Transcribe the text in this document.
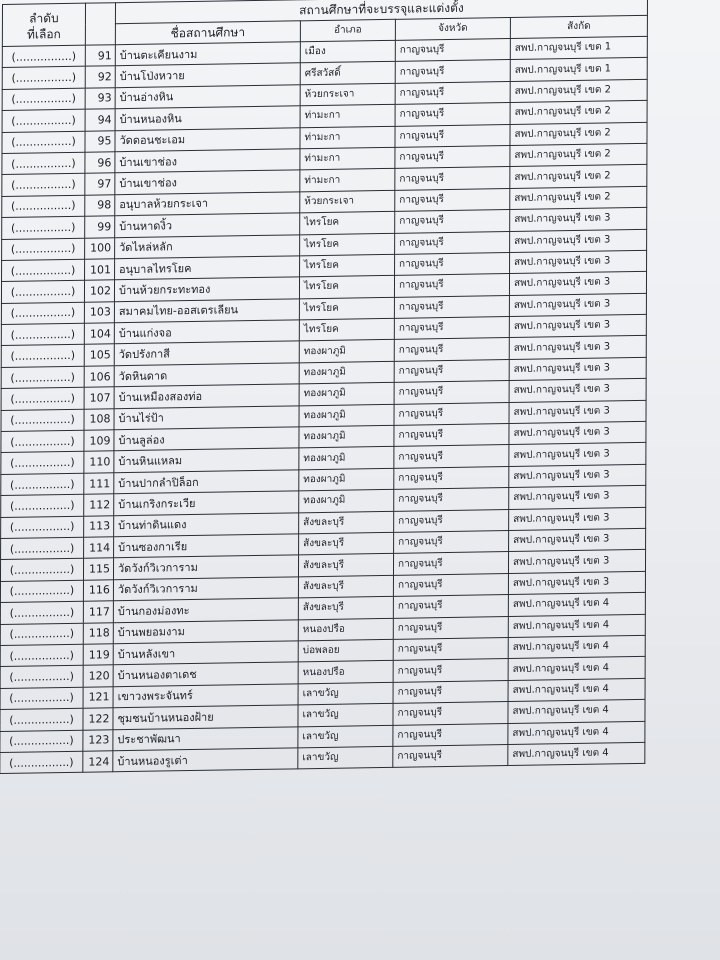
ลำดับ
ที่เลือก		สถานศึกษาที่จะบรรจุและแต่งตั้ง			
		ชื่อสถานศึกษา	อำเภอ	จังหวัด	สังกัด
(................)	91	บ้านตะเคียนงาม	เมือง	กาญจนบุรี	สพป.กาญจนบุรี เขต 1
(................)	92	บ้านโป่งหวาย	ศรีสวัสดิ์	กาญจนบุรี	สพป.กาญจนบุรี เขต 1
(................)	93	บ้านอ่างหิน	ห้วยกระเจา	กาญจนบุรี	สพป.กาญจนบุรี เขต 2
(................)	94	บ้านหนองหิน	ท่ามะกา	กาญจนบุรี	สพป.กาญจนบุรี เขต 2
(................)	95	วัดดอนชะเอม	ท่ามะกา	กาญจนบุรี	สพป.กาญจนบุรี เขต 2
(................)	96	บ้านเขาช่อง	ท่ามะกา	กาญจนบุรี	สพป.กาญจนบุรี เขต 2
(................)	97	บ้านเขาช่อง	ท่ามะกา	กาญจนบุรี	สพป.กาญจนบุรี เขต 2
(................)	98	อนุบาลห้วยกระเจา	ห้วยกระเจา	กาญจนบุรี	สพป.กาญจนบุรี เขต 2
(................)	99	บ้านหาดงิ้ว	ไทรโยค	กาญจนบุรี	สพป.กาญจนบุรี เขต 3
(................)	100	วัดไหล่หลัก	ไทรโยค	กาญจนบุรี	สพป.กาญจนบุรี เขต 3
(................)	101	อนุบาลไทรโยค	ไทรโยค	กาญจนบุรี	สพป.กาญจนบุรี เขต 3
(................)	102	บ้านห้วยกระทะทอง	ไทรโยค	กาญจนบุรี	สพป.กาญจนบุรี เขต 3
(................)	103	สมาคมไทย-ออสเตรเลียน	ไทรโยค	กาญจนบุรี	สพป.กาญจนบุรี เขต 3
(................)	104	บ้านแก่งจอ	ไทรโยค	กาญจนบุรี	สพป.กาญจนบุรี เขต 3
(................)	105	วัดปรังกาสี	ทองผาภูมิ	กาญจนบุรี	สพป.กาญจนบุรี เขต 3
(................)	106	วัดหินดาด	ทองผาภูมิ	กาญจนบุรี	สพป.กาญจนบุรี เขต 3
(................)	107	บ้านเหมืองสองท่อ	ทองผาภูมิ	กาญจนบุรี	สพป.กาญจนบุรี เขต 3
(................)	108	บ้านไร่ป้า	ทองผาภูมิ	กาญจนบุรี	สพป.กาญจนบุรี เขต 3
(................)	109	บ้านลูล่อง	ทองผาภูมิ	กาญจนบุรี	สพป.กาญจนบุรี เขต 3
(................)	110	บ้านหินแหลม	ทองผาภูมิ	กาญจนบุรี	สพป.กาญจนบุรี เขต 3
(................)	111	บ้านปากลำปิล็อก	ทองผาภูมิ	กาญจนบุรี	สพป.กาญจนบุรี เขต 3
(................)	112	บ้านเกริงกระเวีย	ทองผาภูมิ	กาญจนบุรี	สพป.กาญจนบุรี เขต 3
(................)	113	บ้านท่าดินแดง	สังขละบุรี	กาญจนบุรี	สพป.กาญจนบุรี เขต 3
(................)	114	บ้านซองกาเรีย	สังขละบุรี	กาญจนบุรี	สพป.กาญจนบุรี เขต 3
(................)	115	วัดวังก์วิเวการาม	สังขละบุรี	กาญจนบุรี	สพป.กาญจนบุรี เขต 3
(................)	116	วัดวังก์วิเวการาม	สังขละบุรี	กาญจนบุรี	สพป.กาญจนบุรี เขต 3
(................)	117	บ้านกองม่องทะ	สังขละบุรี	กาญจนบุรี	สพป.กาญจนบุรี เขต 4
(................)	118	บ้านพยอมงาม	หนองปรือ	กาญจนบุรี	สพป.กาญจนบุรี เขต 4
(................)	119	บ้านหลังเขา	บ่อพลอย	กาญจนบุรี	สพป.กาญจนบุรี เขต 4
(................)	120	บ้านหนองตาเดช	หนองปรือ	กาญจนบุรี	สพป.กาญจนบุรี เขต 4
(................)	121	เขาวงพระจันทร์	เลาขวัญ	กาญจนบุรี	สพป.กาญจนบุรี เขต 4
(................)	122	ชุมชนบ้านหนองฝ้าย	เลาขวัญ	กาญจนบุรี	สพป.กาญจนบุรี เขต 4
(................)	123	ประชาพัฒนา	เลาขวัญ	กาญจนบุรี	สพป.กาญจนบุรี เขต 4
(................)	124	บ้านหนองรูเต่า	เลาขวัญ	กาญจนบุรี	สพป.กาญจนบุรี เขต 4
